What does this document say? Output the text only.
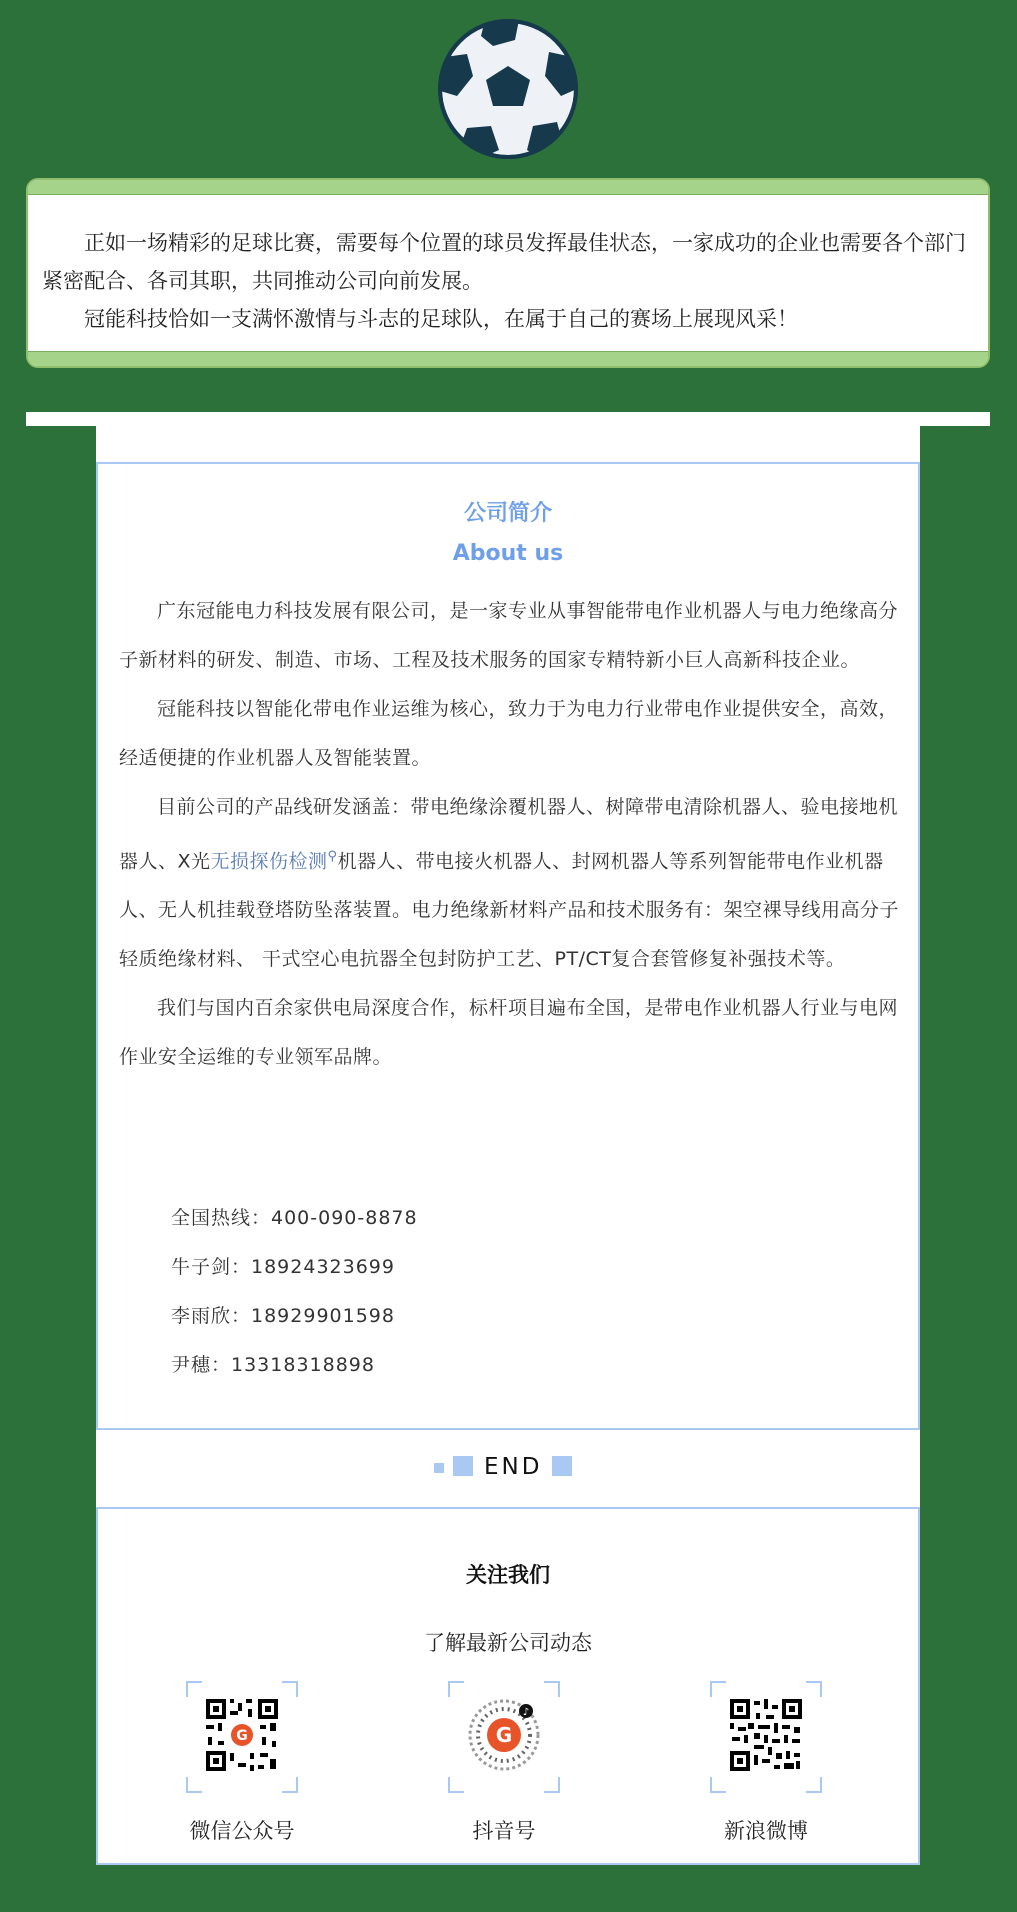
正如一场精彩的足球比赛，需要每个位置的球员发挥最佳状态，一家成功的企业也需要各个部门紧密配合、各司其职，共同推动公司向前发展。

冠能科技恰如一支满怀激情与斗志的足球队，在属于自己的赛场上展现风采！

公司简介
About us

广东冠能电力科技发展有限公司，是一家专业从事智能带电作业机器人与电力绝缘高分子新材料的研发、制造、市场、工程及技术服务的国家专精特新小巨人高新科技企业。

冠能科技以智能化带电作业运维为核心，致力于为电力行业带电作业提供安全，高效，经适便捷的作业机器人及智能装置。

目前公司的产品线研发涵盖：带电绝缘涂覆机器人、树障带电清除机器人、验电接地机器人、X光无损探伤检测⚲机器人、带电接火机器人、封网机器人等系列智能带电作业机器人、无人机挂载登塔防坠落装置。电力绝缘新材料产品和技术服务有：架空裸导线用高分子轻质绝缘材料、 干式空心电抗器全包封防护工艺、PT/CT复合套管修复补强技术等。

我们与国内百余家供电局深度合作，标杆项目遍布全国，是带电作业机器人行业与电网作业安全运维的专业领军品牌。

全国热线：400-090-8878
牛子剑：18924323699
李雨欣：18929901598
尹穗：13318318898
END
关注我们
了解最新公司动态
G
微信公众号
G
♪
抖音号	新浪微博
